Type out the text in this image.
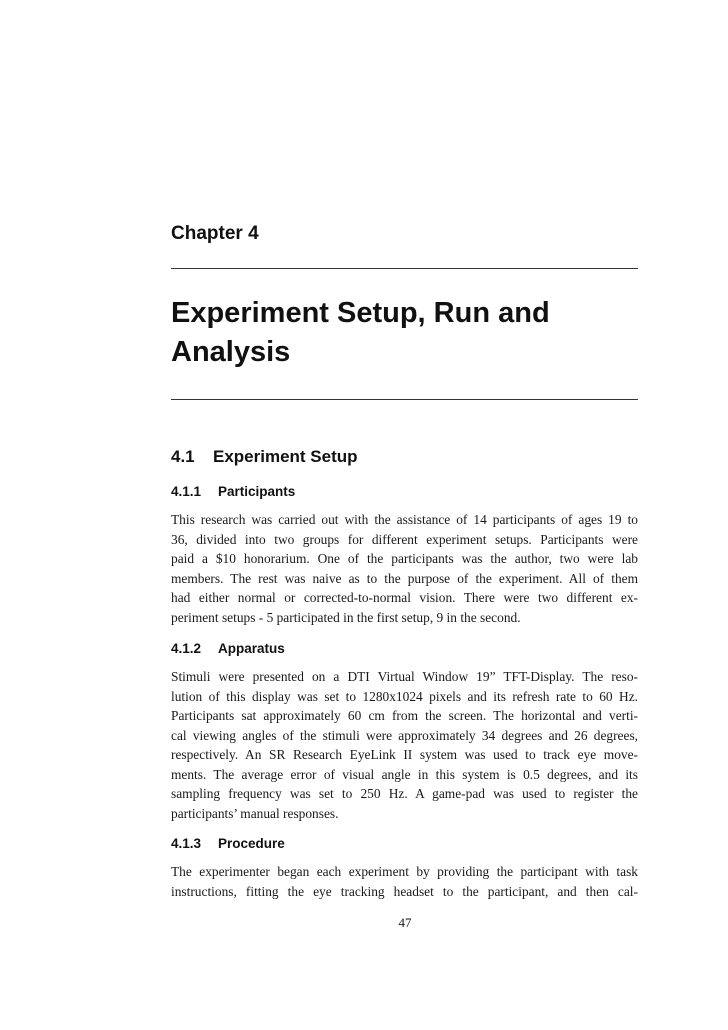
Chapter 4
Experiment Setup, Run and
Analysis
4.1 Experiment Setup
4.1.1 Participants

This research was carried out with the assistance of 14 participants of ages 19 to
36, divided into two groups for different experiment setups. Participants were
paid a $10 honorarium. One of the participants was the author, two were lab
members. The rest was naive as to the purpose of the experiment. All of them
had either normal or corrected-to-normal vision. There were two different ex-
periment setups - 5 participated in the first setup, 9 in the second.

4.1.2 Apparatus

Stimuli were presented on a DTI Virtual Window 19” TFT-Display. The reso-
lution of this display was set to 1280x1024 pixels and its refresh rate to 60 Hz.
Participants sat approximately 60 cm from the screen. The horizontal and verti-
cal viewing angles of the stimuli were approximately 34 degrees and 26 degrees,
respectively. An SR Research EyeLink II system was used to track eye move-
ments. The average error of visual angle in this system is 0.5 degrees, and its
sampling frequency was set to 250 Hz. A game-pad was used to register the
participants’ manual responses.

4.1.3 Procedure

The experimenter began each experiment by providing the participant with task
instructions, fitting the eye tracking headset to the participant, and then cal-

47
